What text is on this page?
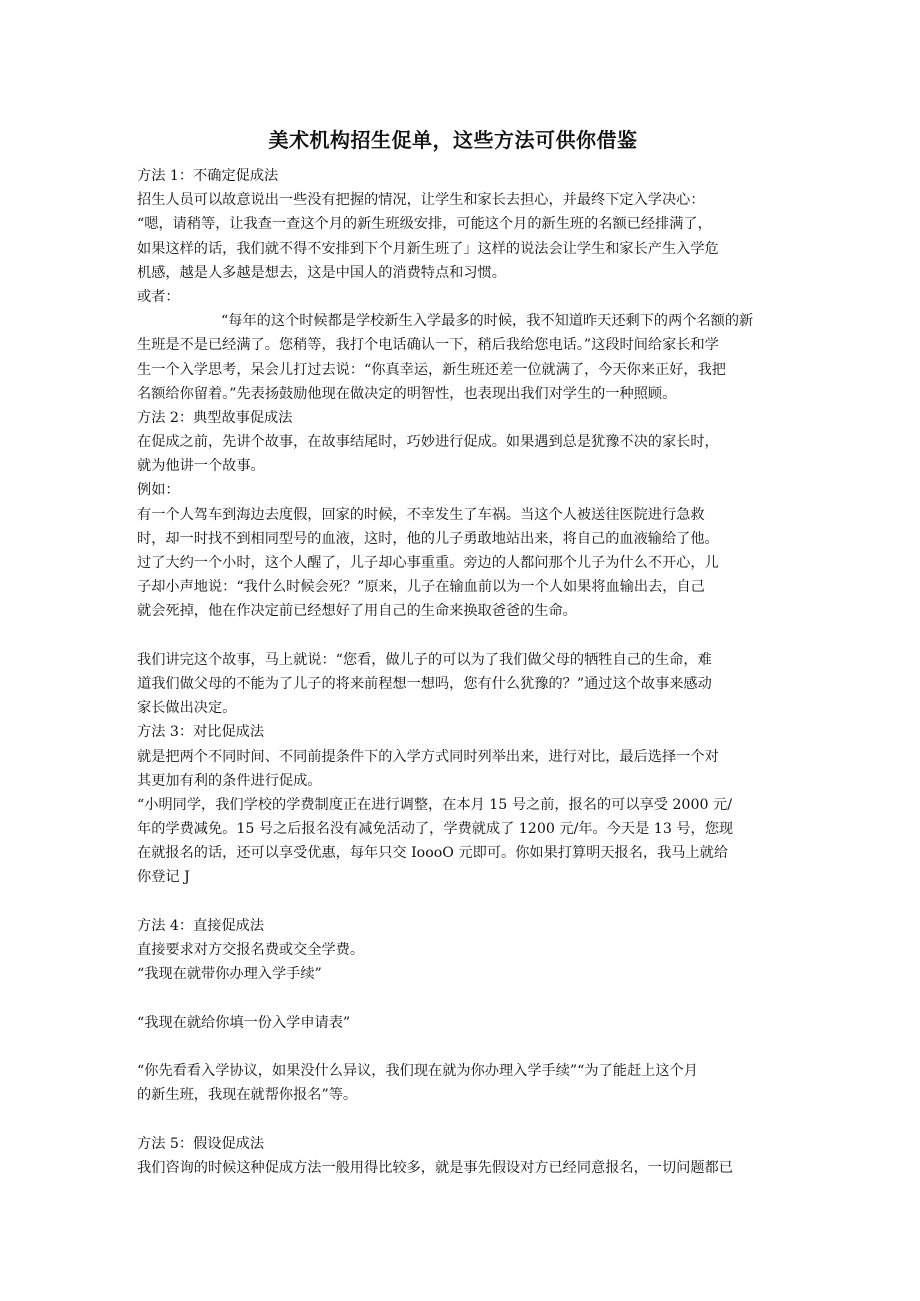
美术机构招生促单，这些方法可供你借鉴
方法 1：不确定促成法
招生人员可以故意说出一些没有把握的情况，让学生和家长去担心，并最终下定入学决心：
“嗯，请稍等，让我查一查这个月的新生班级安排，可能这个月的新生班的名额已经排满了，
如果这样的话，我们就不得不安排到下个月新生班了」这样的说法会让学生和家长产生入学危
机感，越是人多越是想去，这是中国人的消费特点和习惯。
或者：
“每年的这个时候都是学校新生入学最多的时候，我不知道昨天还剩下的两个名额的新
生班是不是已经满了。您稍等，我打个电话确认一下，稍后我给您电话。”这段时间给家长和学
生一个入学思考，呆会儿打过去说：“你真幸运，新生班还差一位就满了，今天你来正好，我把
名额给你留着。”先表扬鼓励他现在做决定的明智性，也表现出我们对学生的一种照顾。
方法 2：典型故事促成法
在促成之前，先讲个故事，在故事结尾时，巧妙进行促成。如果遇到总是犹豫不决的家长时，
就为他讲一个故事。
例如：
有一个人驾车到海边去度假，回家的时候，不幸发生了车祸。当这个人被送往医院进行急救
时，却一时找不到相同型号的血液，这时，他的儿子勇敢地站出来，将自己的血液输给了他。
过了大约一个小时，这个人醒了，儿子却心事重重。旁边的人都问那个儿子为什么不开心，儿
子却小声地说：“我什么时候会死？”原来，儿子在输血前以为一个人如果将血输出去，自己
就会死掉，他在作决定前已经想好了用自己的生命来换取爸爸的生命。
我们讲完这个故事，马上就说：“您看，做儿子的可以为了我们做父母的牺牲自己的生命，难
道我们做父母的不能为了儿子的将来前程想一想吗，您有什么犹豫的？”通过这个故事来感动
家长做出决定。
方法 3：对比促成法
就是把两个不同时间、不同前提条件下的入学方式同时列举出来，进行对比，最后选择一个对
其更加有利的条件进行促成。
“小明同学，我们学校的学费制度正在进行调整，在本月 15 号之前，报名的可以享受 2000 元/
年的学费减免。15 号之后报名没有减免活动了，学费就成了 1200 元/年。今天是 13 号，您现
在就报名的话，还可以享受优惠，每年只交 IoooO 元即可。你如果打算明天报名，我马上就给
你登记 J
方法 4：直接促成法
直接要求对方交报名费或交全学费。
“我现在就带你办理入学手续”
“我现在就给你填一份入学申请表”
“你先看看入学协议，如果没什么异议，我们现在就为你办理入学手续”“为了能赶上这个月
的新生班，我现在就帮你报名”等。
方法 5：假设促成法
我们咨询的时候这种促成方法一般用得比较多，就是事先假设对方已经同意报名，一切问题都已
